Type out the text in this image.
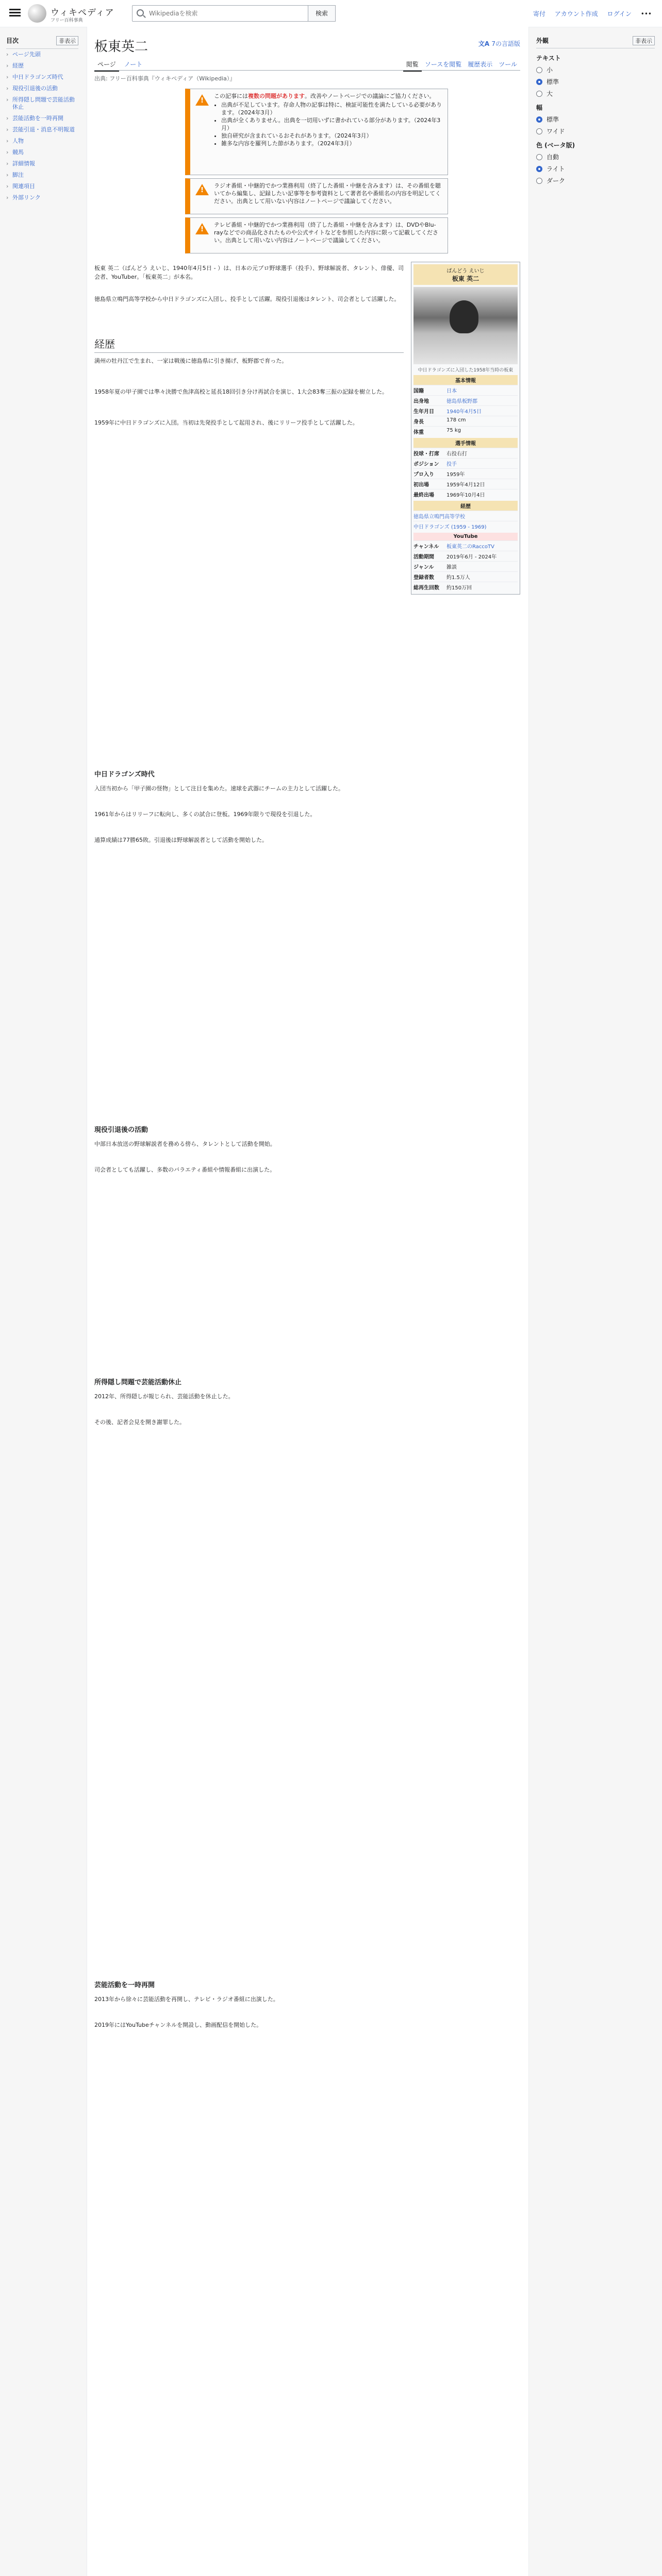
ウィキペディア
フリー百科事典
Wikipediaを検索
検索	寄付 アカウント作成 ログイン •••
目次	非表示
› ページ先頭
› 経歴
› 中日ドラゴンズ時代
› 現役引退後の活動
› 所得隠し問題で芸能活動休止
› 芸能活動を一時再開
› 芸能引退・消息不明報道
› 人物
› 競馬
› 詳細情報
› 脚注
› 関連項目
› 外部リンク
板東英二
文A	7の言語版
ページ ノート	ツール
履歴表示
ソースを閲覧
閲覧
出典: フリー百科事典『ウィキペディア（Wikipedia）』
!
この記事には複数の問題があります。改善やノートページでの議論にご協力ください。
• 出典が不足しています。存命人物の記事は特に、検証可能性を満たしている必要があります。（2024年3月）
• 出典が全くありません。出典を一切用いずに書かれている部分があります。（2024年3月）
• 独自研究が含まれているおそれがあります。（2024年3月）
• 雑多な内容を羅列した節があります。（2024年3月）
!
ラジオ番組・中継的でかつ業務利用（終了した番組・中継を含みます）は、その番組を聴いてから編集し、記録したい記事等を参考資料として著者名や番組名の内容を明記してください。出典として用いない内容はノートページで議論してください。
!
テレビ番組・中継的でかつ業務利用（終了した番組・中継を含みます）は、DVDやBlu-rayなどでの商品化されたものや公式サイトなどを参照した内容に限って記載してください。出典として用いない内容はノートページで議論してください。
ばんどう えいじ
板東 英二
中日ドラゴンズに入団した1958年当時の板東
基本情報
国籍	日本
出身地	徳島県板野郡
生年月日	1940年4月5日
身長	178 cm
体重	75 kg
選手情報
投球・打席	右投右打
ポジション	投手
プロ入り	1959年
初出場	1959年4月12日
最終出場	1969年10月4日
経歴
徳島県立鳴門高等学校
中日ドラゴンズ (1959 - 1969)
YouTube
チャンネル	板東英二のRaccoTV
活動期間	2019年6月 - 2024年
ジャンル	雑談
登録者数	約1.5万人
総再生回数	約150万回
板東 英二（ばんどう えいじ、1940年4月5日 - ）は、日本の元プロ野球選手（投手）、野球解説者、タレント、俳優、司会者、YouTuber。「板東英二」が本名。
徳島県立鳴門高等学校から中日ドラゴンズに入団し、投手として活躍。現役引退後はタレント、司会者として活躍した。
経歴
満州の牡丹江で生まれ、一家は戦後に徳島県に引き揚げ、板野郡で育った。
1958年夏の甲子園では準々決勝で魚津高校と延長18回引き分け再試合を演じ、1大会83奪三振の記録を樹立した。
1959年に中日ドラゴンズに入団。当初は先発投手として起用され、後にリリーフ投手として活躍した。
中日ドラゴンズ時代
入団当初から「甲子園の怪物」として注目を集めた。速球を武器にチームの主力として活躍した。
1961年からはリリーフに転向し、多くの試合に登板。1969年限りで現役を引退した。
通算成績は77勝65敗。引退後は野球解説者として活動を開始した。
現役引退後の活動
中部日本放送の野球解説者を務める傍ら、タレントとして活動を開始。
司会者としても活躍し、多数のバラエティ番組や情報番組に出演した。
所得隠し問題で芸能活動休止
2012年、所得隠しが報じられ、芸能活動を休止した。
その後、記者会見を開き謝罪した。
芸能活動を一時再開
2013年から徐々に芸能活動を再開し、テレビ・ラジオ番組に出演した。
2019年にはYouTubeチャンネルを開設し、動画配信を開始した。
外観	非表示
テキスト
小
標準
大
幅
標準
ワイド
色 (ベータ版)
自動
ライト
ダーク
